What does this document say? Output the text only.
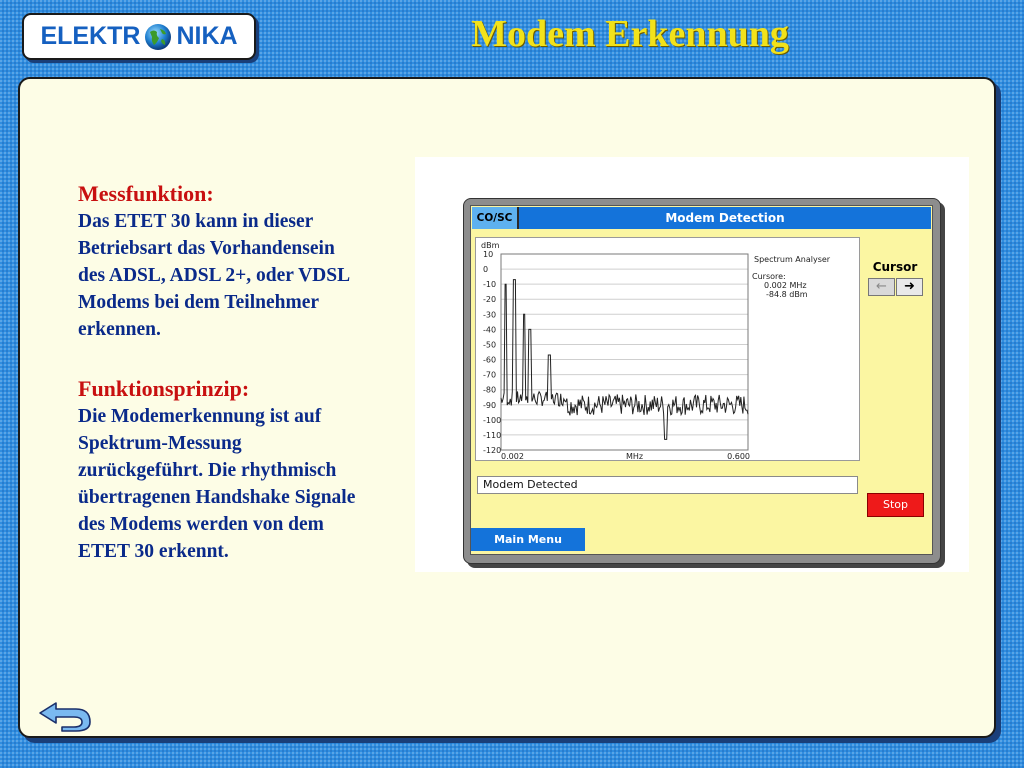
ELEKTR NIKA	Modem Erkennung
Messfunktion:
Das ETET 30 kann in dieser
Betriebsart das Vorhandensein
des ADSL, ADSL 2+, oder VDSL
Modems bei dem Teilnehmer
erkennen.
Funktionsprinzip:
Die Modemerkennung ist auf
Spektrum-Messung
zurückgeführt. Die rhythmisch
übertragenen Handshake Signale
des Modems werden von dem
ETET 30 erkennt.
CO/SC	Modem Detection
dBm
10
0
-10
-20
-30
-40
-50
-60
-70
-80
-90
-100
-110
-120
0.002	MHz	0.600
Spectrum Analyser
Cursore:
0.002 MHz
-84.8 dBm
Modem Detected
Cursor
←	➜
Stop
Main Menu
